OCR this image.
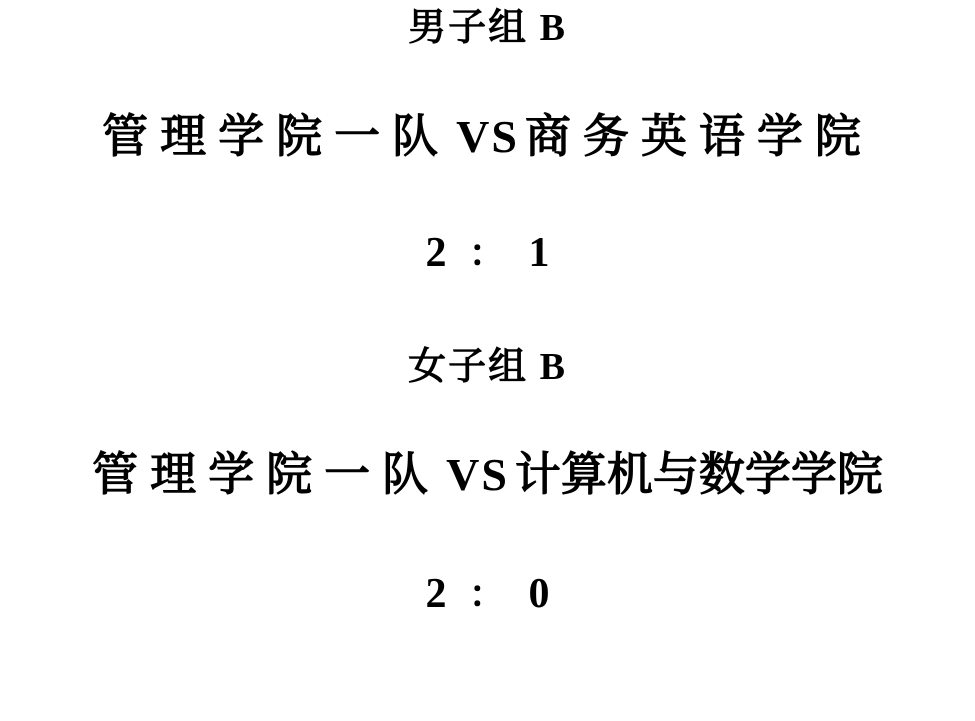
男子组 B
管理学院一队 VS 商务英语学院
2 ： 1
女子组 B
管理学院一队 VS 计算机与数学学院
2 ： 0
